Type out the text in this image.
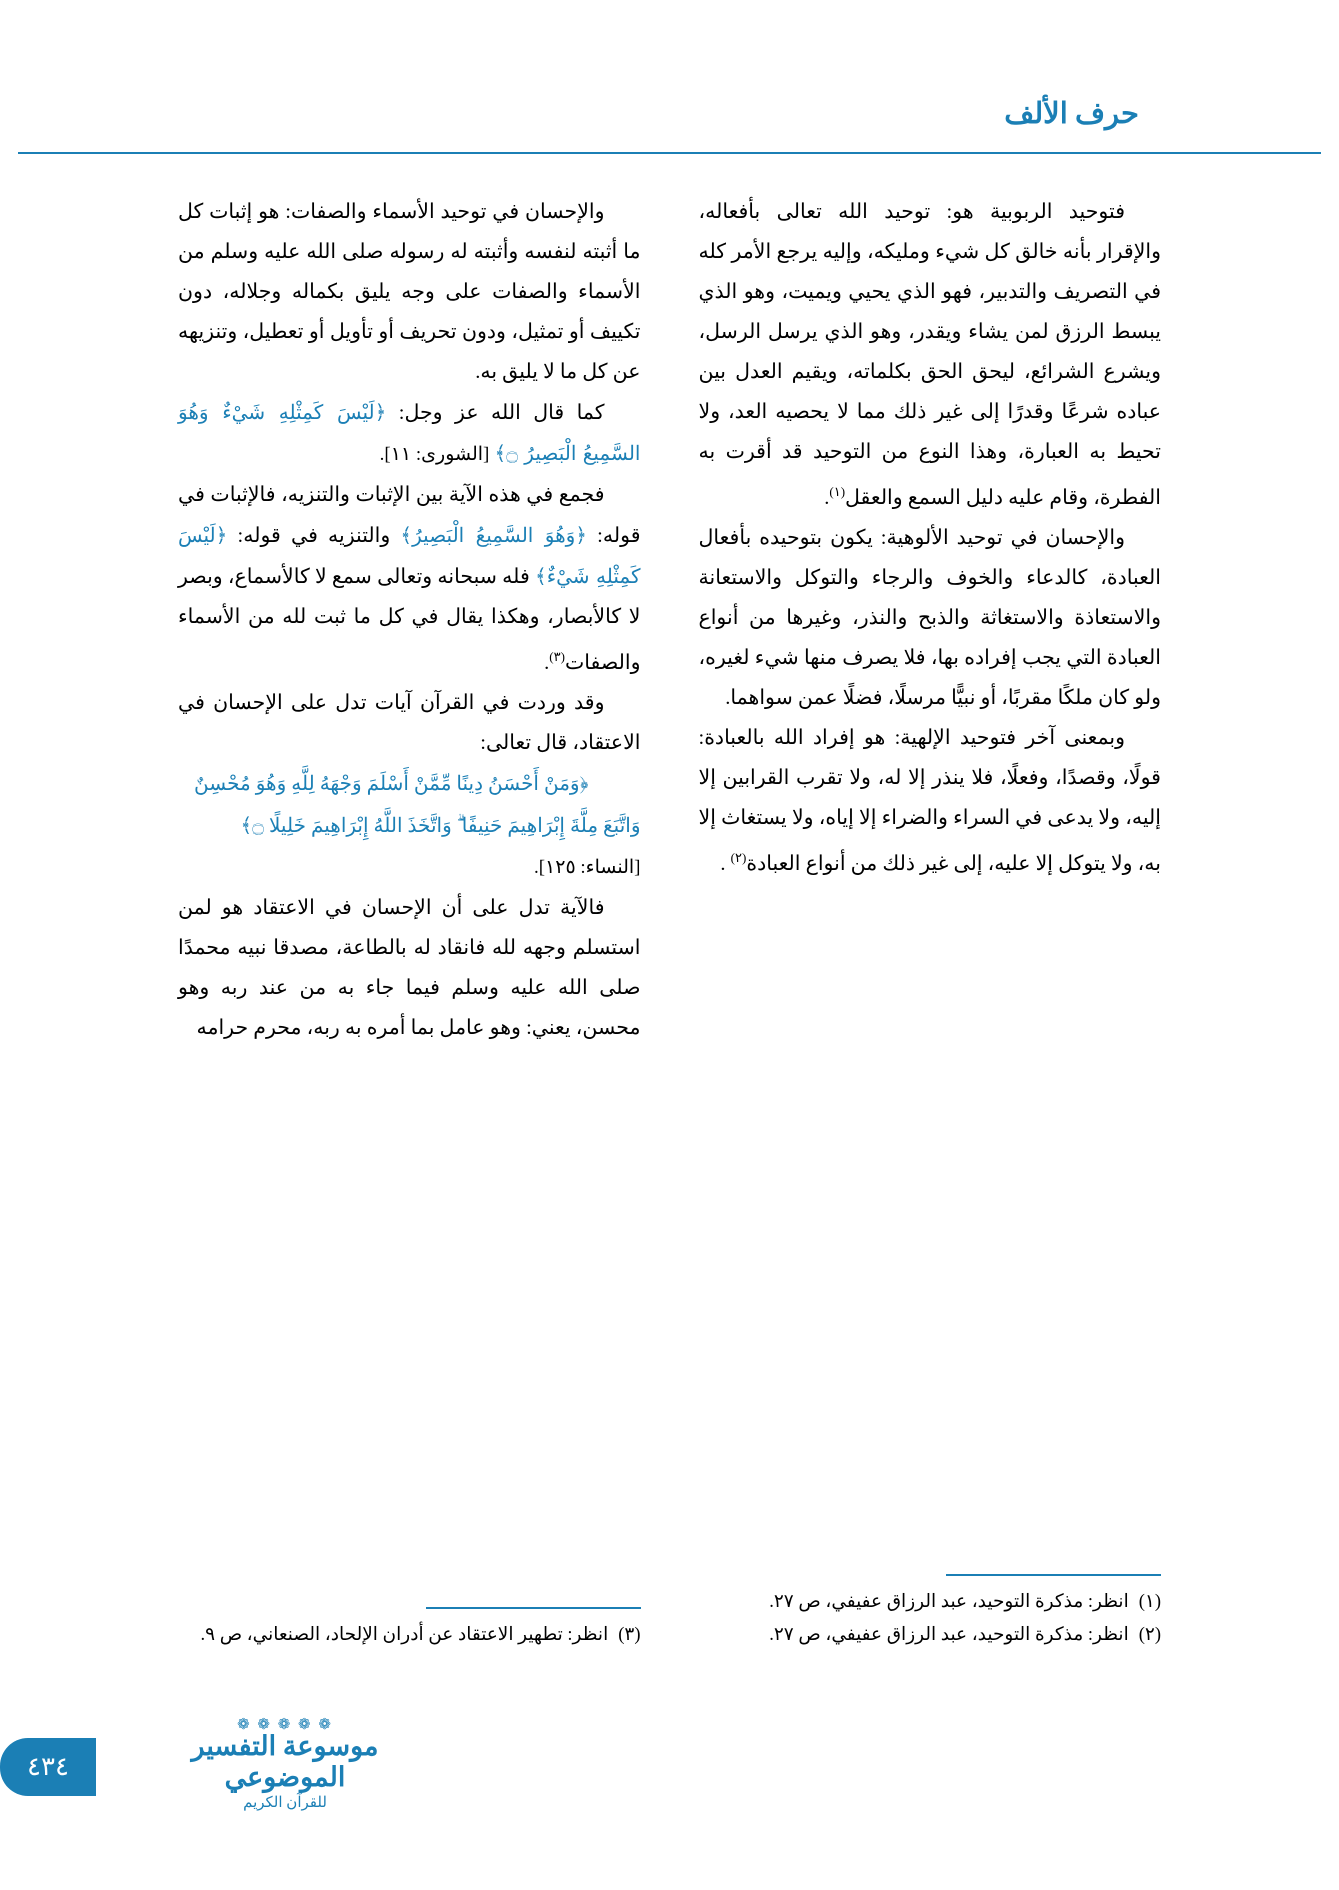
حرف الألف

فتوحيد الربوبية هو: توحيد الله تعالى بأفعاله، والإقرار بأنه خالق كل شيء ومليكه، وإليه يرجع الأمر كله في التصريف والتدبير، فهو الذي يحيي ويميت، وهو الذي يبسط الرزق لمن يشاء ويقدر، وهو الذي يرسل الرسل، ويشرع الشرائع، ليحق الحق بكلماته، ويقيم العدل بين عباده شرعًا وقدرًا إلى غير ذلك مما لا يحصيه العد، ولا تحيط به العبارة، وهذا النوع من التوحيد قد أقرت به الفطرة، وقام عليه دليل السمع والعقل$^{(١)}$.

والإحسان في توحيد الألوهية: يكون بتوحيده بأفعال العبادة، كالدعاء والخوف والرجاء والتوكل والاستعانة والاستعاذة والاستغاثة والذبح والنذر، وغيرها من أنواع العبادة التي يجب إفراده بها، فلا يصرف منها شيء لغيره، ولو كان ملكًا مقربًا، أو نبيًّا مرسلًا، فضلًا عمن سواهما.

وبمعنى آخر فتوحيد الإلهية: هو إفراد الله بالعبادة: قولًا، وقصدًا، وفعلًا، فلا ينذر إلا له، ولا تقرب القرابين إلا إليه، ولا يدعى في السراء والضراء إلا إياه، ولا يستغاث إلا به، ولا يتوكل إلا عليه، إلى غير ذلك من أنواع العبادة$^{(٢)}$ .

(١)
انظر: مذكرة التوحيد، عبد الرزاق عفيفي، ص ٢٧.
(٢)
انظر: مذكرة التوحيد، عبد الرزاق عفيفي، ص ٢٧.

والإحسان في توحيد الأسماء والصفات: هو إثبات كل ما أثبته لنفسه وأثبته له رسوله صلى الله عليه وسلم من الأسماء والصفات على وجه يليق بكماله وجلاله، دون تكييف أو تمثيل، ودون تحريف أو تأويل أو تعطيل، وتنزيهه عن كل ما لا يليق به.

كما قال الله عز وجل: ﴿لَيْسَ كَمِثْلِهِ شَيْءٌ وَهُوَ السَّمِيعُ الْبَصِيرُ ۝﴾ [الشورى: ١١].

فجمع في هذه الآية بين الإثبات والتنزيه، فالإثبات في قوله: ﴿وَهُوَ السَّمِيعُ الْبَصِيرُ﴾ والتنزيه في قوله: ﴿لَيْسَ كَمِثْلِهِ شَيْءٌ﴾ فله سبحانه وتعالى سمع لا كالأسماع، وبصر لا كالأبصار، وهكذا يقال في كل ما ثبت لله من الأسماء والصفات$^{(٣)}$.

وقد وردت في القرآن آيات تدل على الإحسان في الاعتقاد، قال تعالى:
﴿وَمَنْ أَحْسَنُ دِينًا مِّمَّنْ أَسْلَمَ وَجْهَهُ لِلَّهِ وَهُوَ مُحْسِنٌ وَاتَّبَعَ مِلَّةَ إِبْرَاهِيمَ حَنِيفًا ۗ وَاتَّخَذَ اللَّهُ إِبْرَاهِيمَ خَلِيلًا ۝﴾
[النساء: ١٢٥].

فالآية تدل على أن الإحسان في الاعتقاد هو لمن استسلم وجهه لله فانقاد له بالطاعة، مصدقا نبيه محمدًا صلى الله عليه وسلم فيما جاء به من عند ربه وهو محسن، يعني: وهو عامل بما أمره به ربه، محرم حرامه

(٣)
انظر: تطهير الاعتقاد عن أدران الإلحاد، الصنعاني، ص ٩.
❁ ❁ ❁ ❁ ❁
موسوعة التفسير الموضوعي
للقرآن الكريم
٤٣٤
